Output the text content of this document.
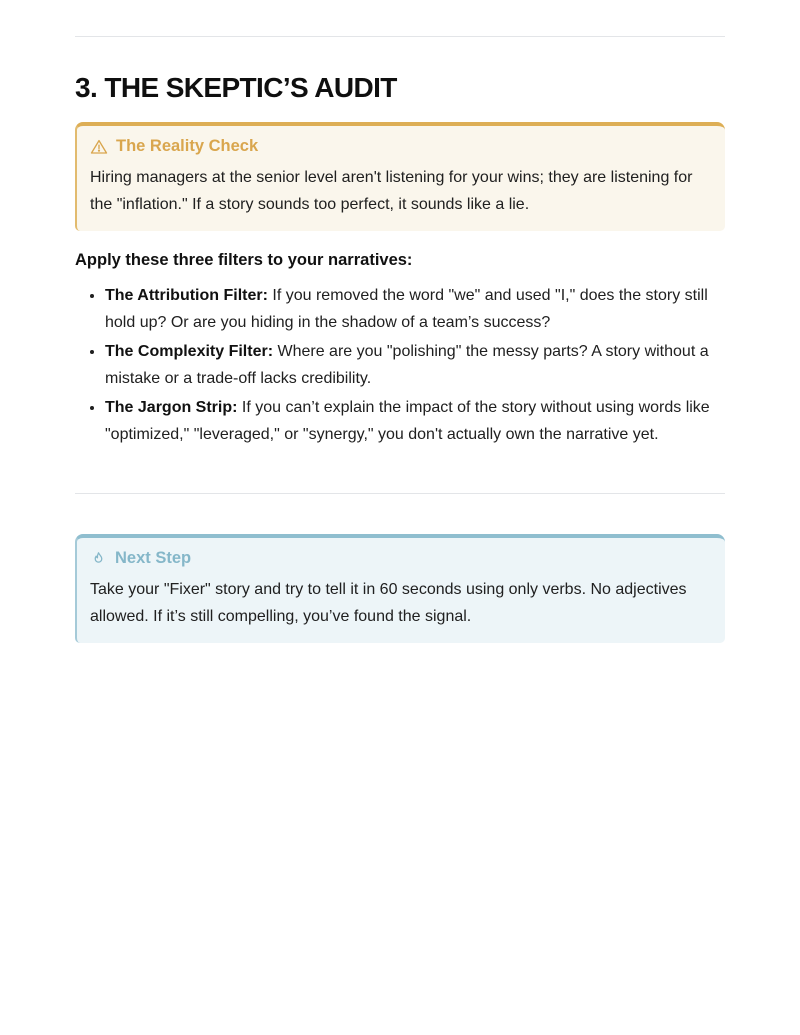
3. THE SKEPTIC’S AUDIT
The Reality Check

Hiring managers at the senior level aren't listening for your wins; they are listening for the "inflation." If a story sounds too perfect, it sounds like a lie.

Apply these three filters to your narratives:

• The Attribution Filter: If you removed the word "we" and used "I," does the story still hold up? Or are you hiding in the shadow of a team’s success?
• The Complexity Filter: Where are you "polishing" the messy parts? A story without a mistake or a trade-off lacks credibility.
• The Jargon Strip: If you can’t explain the impact of the story without using words like "optimized," "leveraged," or "synergy," you don't actually own the narrative yet.
Next Step

Take your "Fixer" story and try to tell it in 60 seconds using only verbs. No adjectives allowed. If it’s still compelling, you’ve found the signal.
